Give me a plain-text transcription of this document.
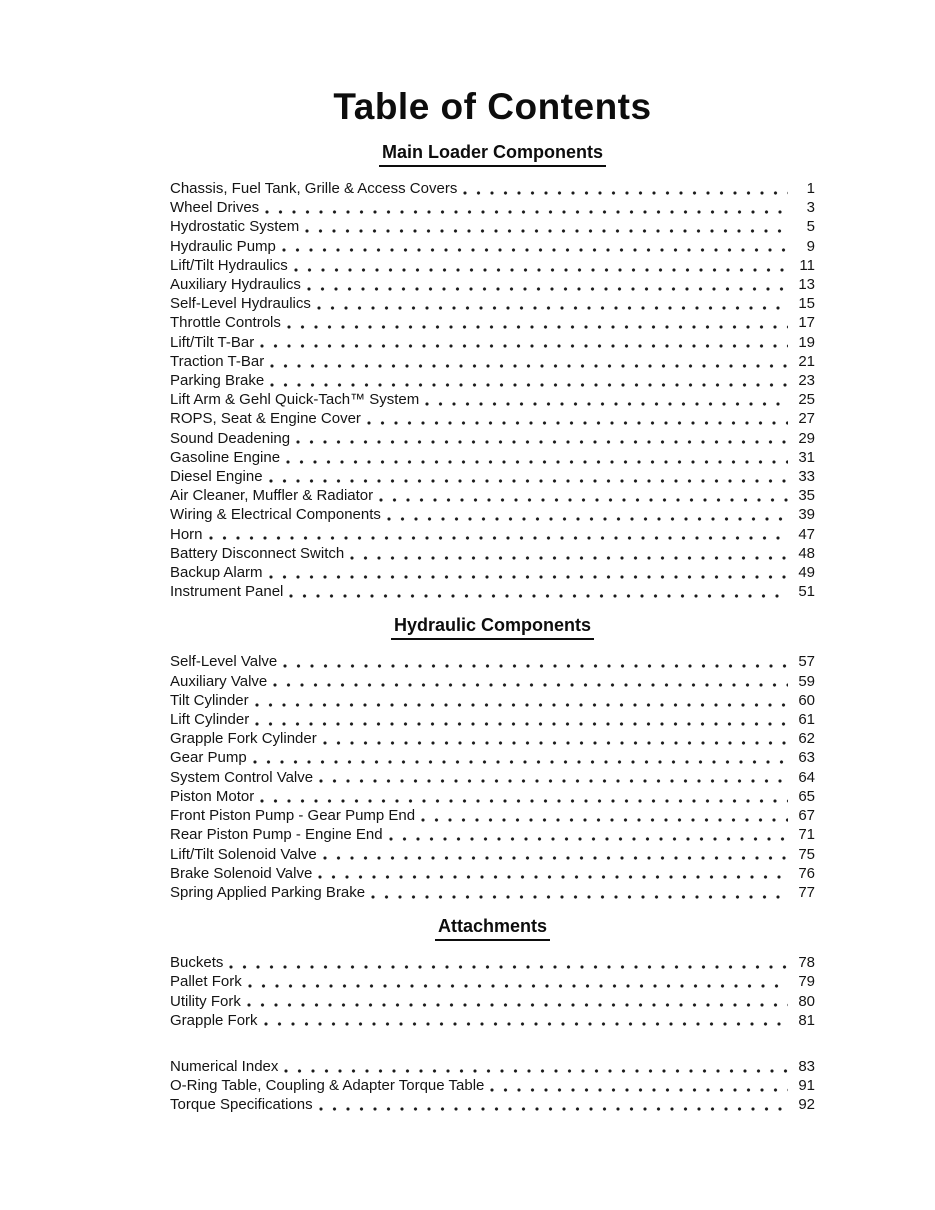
Table of Contents
Main Loader Components
Chassis, Fuel Tank, Grille & Access Covers	1
Wheel Drives	3
Hydrostatic System	5
Hydraulic Pump	9
Lift/Tilt Hydraulics	11
Auxiliary Hydraulics	13
Self-Level Hydraulics	15
Throttle Controls	17
Lift/Tilt T-Bar	19
Traction T-Bar	21
Parking Brake	23
Lift Arm & Gehl Quick-Tach™ System	25
ROPS, Seat & Engine Cover	27
Sound Deadening	29
Gasoline Engine	31
Diesel Engine	33
Air Cleaner, Muffler & Radiator	35
Wiring & Electrical Components	39
Horn	47
Battery Disconnect Switch	48
Backup Alarm	49
Instrument Panel	51
Hydraulic Components
Self-Level Valve	57
Auxiliary Valve	59
Tilt Cylinder	60
Lift Cylinder	61
Grapple Fork Cylinder	62
Gear Pump	63
System Control Valve	64
Piston Motor	65
Front Piston Pump - Gear Pump End	67
Rear Piston Pump - Engine End	71
Lift/Tilt Solenoid Valve	75
Brake Solenoid Valve	76
Spring Applied Parking Brake	77
Attachments
Buckets	78
Pallet Fork	79
Utility Fork	80
Grapple Fork	81
Numerical Index	83
O-Ring Table, Coupling & Adapter Torque Table	91
Torque Specifications	92
